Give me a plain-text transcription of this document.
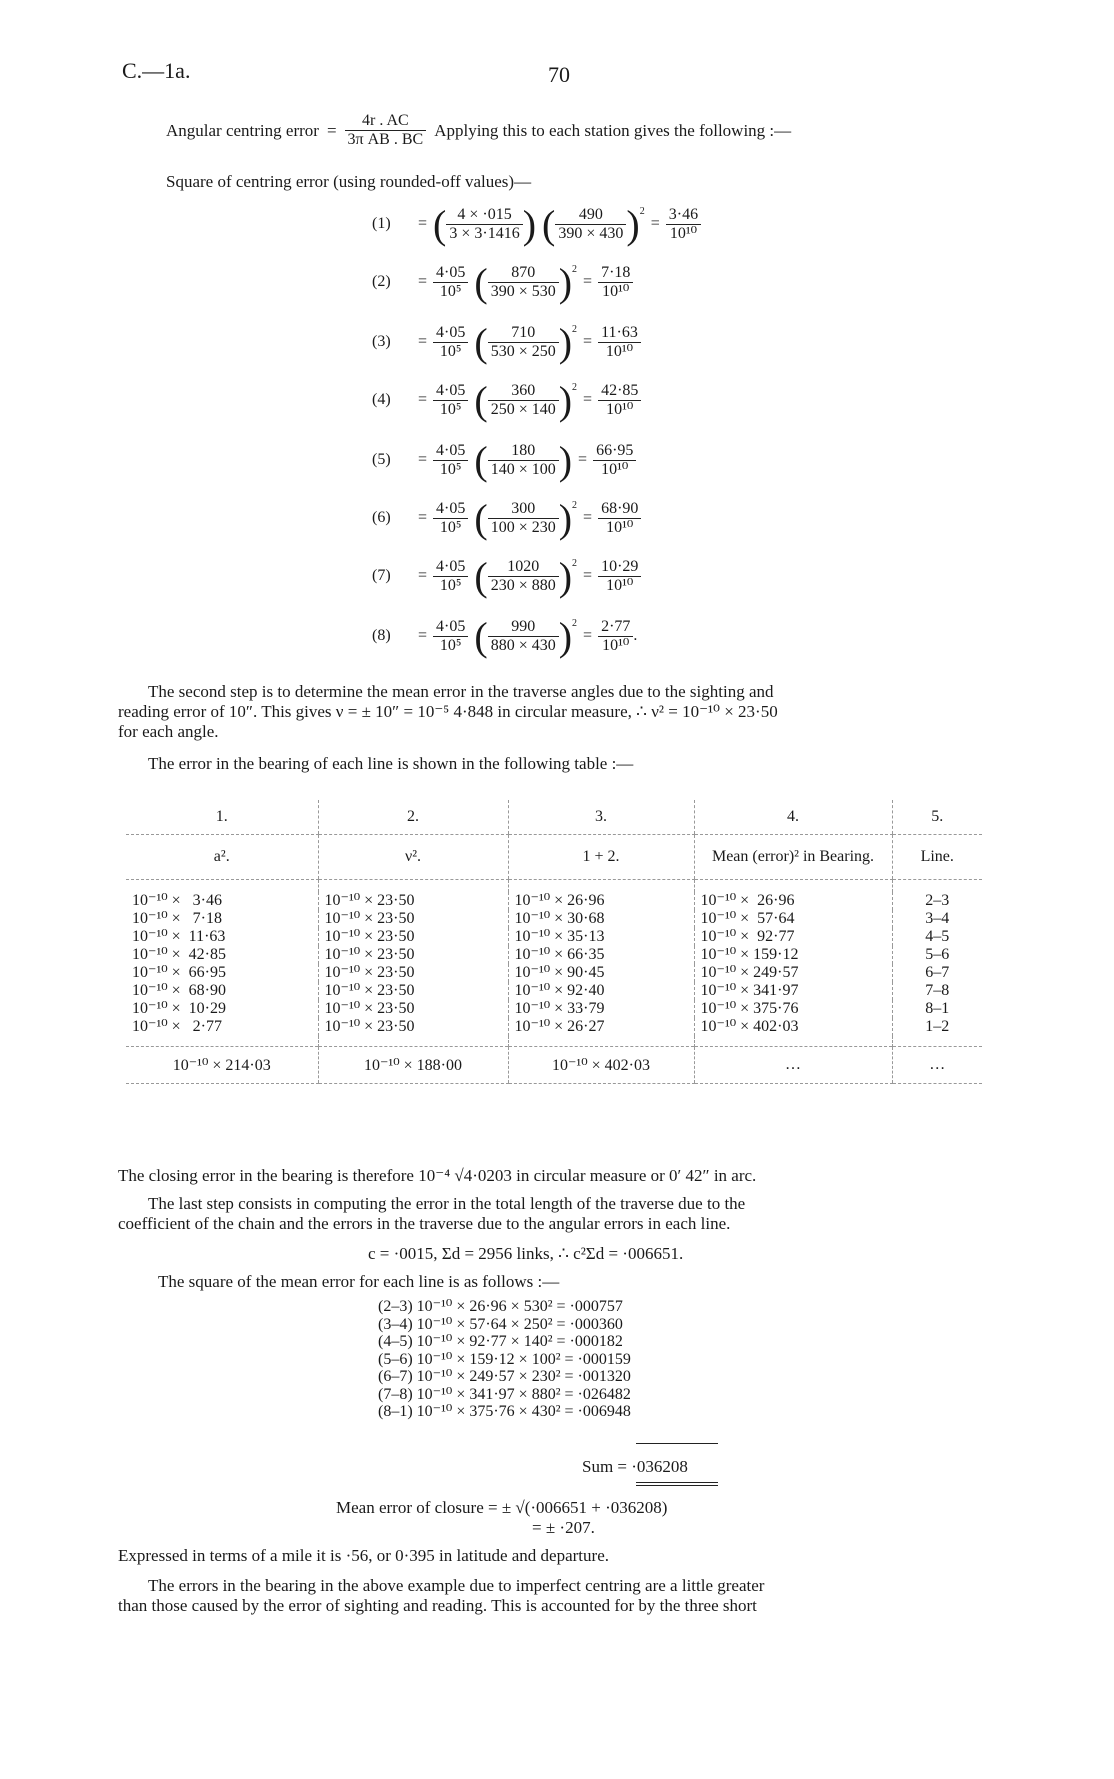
C.—1a.	70
Angular centring error = $\frac{4r . AC}{\text{3π AB . BC}}$ Applying this to each station gives the following :—
Square of centring error (using rounded-off values)—
(1)	= ( $\frac{4 \times \cdot 015}{3 \times 3\cdot 1416}$ ) ( $\frac{490}{390 \times 430} )^2$
= $\frac{3\cdot 46}{\text{10¹⁰}}$
(2)	= $\frac{4\cdot 05}{\text{10⁵}}$ ( $\frac{870}{390 \times 530} )^2$
= $\frac{7\cdot 18}{\text{10¹⁰}}$
(3)	= $\frac{4\cdot 05}{\text{10⁵}}$ ( $\frac{710}{530 \times 250} )^2$
= $\frac{11\cdot 63}{\text{10¹⁰}}$
(4)	= $\frac{4\cdot 05}{\text{10⁵}}$ ( $\frac{360}{250 \times 140} )^2$
= $\frac{42\cdot 85}{\text{10¹⁰}}$
(5)	= $\frac{4\cdot 05}{\text{10⁵}}$ ( $\frac{180}{140 \times 100}$ ) = $\frac{66\cdot 95}{\text{10¹⁰}}$
(6)	= $\frac{4\cdot 05}{\text{10⁵}}$ ( $\frac{300}{100 \times 230} )^2$
= $\frac{68\cdot 90}{\text{10¹⁰}}$
(7)	= $\frac{4\cdot 05}{\text{10⁵}}$ ( $\frac{1020}{230 \times 880} )^2$
= $\frac{10\cdot 29}{\text{10¹⁰}}$
(8)	= $\frac{4\cdot 05}{\text{10⁵}}$ ( $\frac{990}{880 \times 430} )^2$
= $\frac{2\cdot 77}{\text{10¹⁰}}$ .
The second step is to determine the mean error in the traverse angles due to the sighting and
reading error of 10″. This gives ν = ± 10″ = 10⁻⁵ 4·848 in circular measure, ∴ ν² = 10⁻¹⁰ × 23·50
for each angle.
The error in the bearing of each line is shown in the following table :—
1.	2.	3.	4.	5.
a².	ν².	1 + 2.	Mean (error)² in Bearing.	Line.

10⁻¹⁰ ×   3·46	10⁻¹⁰ × 23·50	10⁻¹⁰ × 26·96	10⁻¹⁰ ×  26·96	2–3
10⁻¹⁰ ×   7·18	10⁻¹⁰ × 23·50	10⁻¹⁰ × 30·68	10⁻¹⁰ ×  57·64	3–4
10⁻¹⁰ ×  11·63	10⁻¹⁰ × 23·50	10⁻¹⁰ × 35·13	10⁻¹⁰ ×  92·77	4–5
10⁻¹⁰ ×  42·85	10⁻¹⁰ × 23·50	10⁻¹⁰ × 66·35	10⁻¹⁰ × 159·12	5–6
10⁻¹⁰ ×  66·95	10⁻¹⁰ × 23·50	10⁻¹⁰ × 90·45	10⁻¹⁰ × 249·57	6–7
10⁻¹⁰ ×  68·90	10⁻¹⁰ × 23·50	10⁻¹⁰ × 92·40	10⁻¹⁰ × 341·97	7–8
10⁻¹⁰ ×  10·29	10⁻¹⁰ × 23·50	10⁻¹⁰ × 33·79	10⁻¹⁰ × 375·76	8–1
10⁻¹⁰ ×   2·77	10⁻¹⁰ × 23·50	10⁻¹⁰ × 26·27	10⁻¹⁰ × 402·03	1–2

10⁻¹⁰ × 214·03	10⁻¹⁰ × 188·00	10⁻¹⁰ × 402·03	…	…
The closing error in the bearing is therefore 10⁻⁴ √4·0203 in circular measure or 0′ 42″ in arc.
The last step consists in computing the error in the total length of the traverse due to the
coefficient of the chain and the errors in the traverse due to the angular errors in each line.
c = ·0015, Σd = 2956 links, ∴ c²Σd = ·006651.
The square of the mean error for each line is as follows :—
(2–3) 10⁻¹⁰ × 26·96 × 530² = ·000757
(3–4) 10⁻¹⁰ × 57·64 × 250² = ·000360
(4–5) 10⁻¹⁰ × 92·77 × 140² = ·000182
(5–6) 10⁻¹⁰ × 159·12 × 100² = ·000159
(6–7) 10⁻¹⁰ × 249·57 × 230² = ·001320
(7–8) 10⁻¹⁰ × 341·97 × 880² = ·026482
(8–1) 10⁻¹⁰ × 375·76 × 430² = ·006948
Sum = ·036208
Mean error of closure = ± √(·006651 + ·036208)
= ± ·207.
Expressed in terms of a mile it is ·56, or 0·395 in latitude and departure.
The errors in the bearing in the above example due to imperfect centring are a little greater
than those caused by the error of sighting and reading. This is accounted for by the three short
